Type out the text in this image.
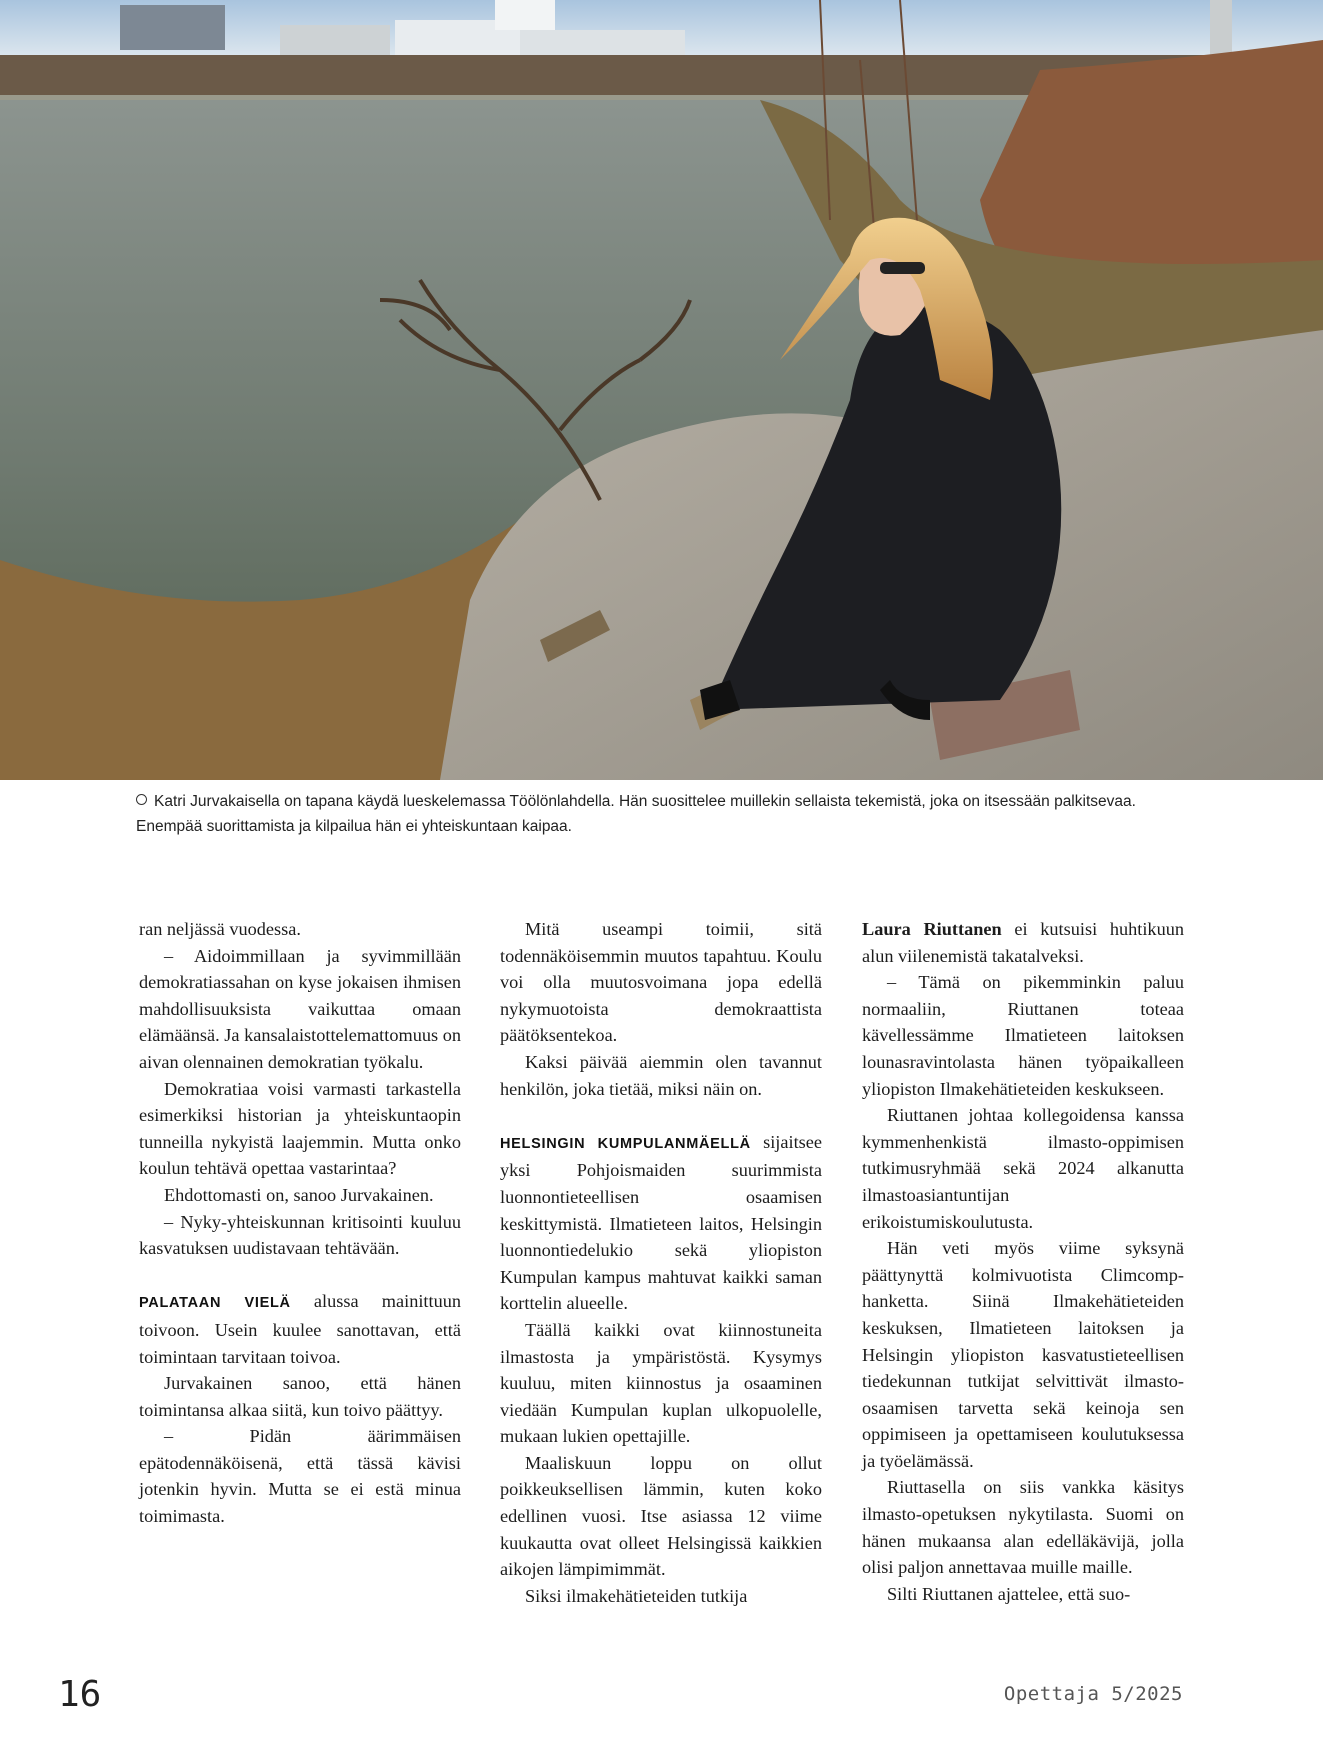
Katri Jurvakaisella on tapana käydä lueskelemassa Töölönlahdella. Hän suosittelee muillekin sellaista tekemistä, joka on itsessään palkitsevaa. Enempää suorittamista ja kilpailua hän ei yhteiskuntaan kaipaa.

ran neljässä vuodessa.

– Aidoimmillaan ja syvimmillään demokratiassahan on kyse jokaisen ihmisen mahdollisuuksista vaikuttaa omaan elämäänsä. Ja kansalaistottelemattomuus on aivan olennainen demokratian työkalu.

Demokratiaa voisi varmasti tarkastella esimerkiksi historian ja yhteiskuntaopin tunneilla nykyistä laajemmin. Mutta onko koulun tehtävä opettaa vastarintaa?

Ehdottomasti on, sanoo Jurvakainen.

– Nyky-yhteiskunnan kritisointi kuuluu kasvatuksen uudistavaan tehtävään.

PALATAAN VIELÄ alussa mainittuun toivoon. Usein kuulee sanottavan, että toimintaan tarvitaan toivoa.

Jurvakainen sanoo, että hänen toimintansa alkaa siitä, kun toivo päättyy.

– Pidän äärimmäisen epätodennäköisenä, että tässä kävisi jotenkin hyvin. Mutta se ei estä minua toimimasta.

Mitä useampi toimii, sitä todennäköisemmin muutos tapahtuu. Koulu voi olla muutosvoimana jopa edellä nykymuotoista demokraattista päätöksentekoa.

Kaksi päivää aiemmin olen tavannut henkilön, joka tietää, miksi näin on.

HELSINGIN KUMPULANMÄELLÄ sijaitsee yksi Pohjoismaiden suurimmista luonnontieteellisen osaamisen keskittymistä. Ilmatieteen laitos, Helsingin luonnontiedelukio sekä yliopiston Kumpulan kampus mahtuvat kaikki saman korttelin alueelle.

Täällä kaikki ovat kiinnostuneita ilmastosta ja ympäristöstä. Kysymys kuuluu, miten kiinnostus ja osaaminen viedään Kumpulan kuplan ulkopuolelle, mukaan lukien opettajille.

Maaliskuun loppu on ollut poikkeuksellisen lämmin, kuten koko edellinen vuosi. Itse asiassa 12 viime kuukautta ovat olleet Helsingissä kaikkien aikojen lämpimimmät.

Siksi ilmakehätieteiden tutkija

Laura Riuttanen ei kutsuisi huhtikuun alun viilenemistä takatalveksi.

– Tämä on pikemminkin paluu normaaliin, Riuttanen toteaa kävellessämme Ilmatieteen laitoksen lounasravintolasta hänen työpaikalleen yliopiston Ilmakehätieteiden keskukseen.

Riuttanen johtaa kollegoidensa kanssa kymmenhenkistä ilmasto-oppimisen tutkimusryhmää sekä 2024 alkanutta ilmastoasiantuntijan erikoistumiskoulutusta.

Hän veti myös viime syksynä päättynyttä kolmivuotista Climcomp-hanketta. Siinä Ilmakehätieteiden keskuksen, Ilmatieteen laitoksen ja Helsingin yliopiston kasvatustieteellisen tiedekunnan tutkijat selvittivät ilmasto-osaamisen tarvetta sekä keinoja sen oppimiseen ja opettamiseen koulutuksessa ja työelämässä.

Riuttasella on siis vankka käsitys ilmasto-opetuksen nykytilasta. Suomi on hänen mukaansa alan edelläkävijä, jolla olisi paljon annettavaa muille maille.

Silti Riuttanen ajattelee, että suo-

16	Opettaja 5/2025
